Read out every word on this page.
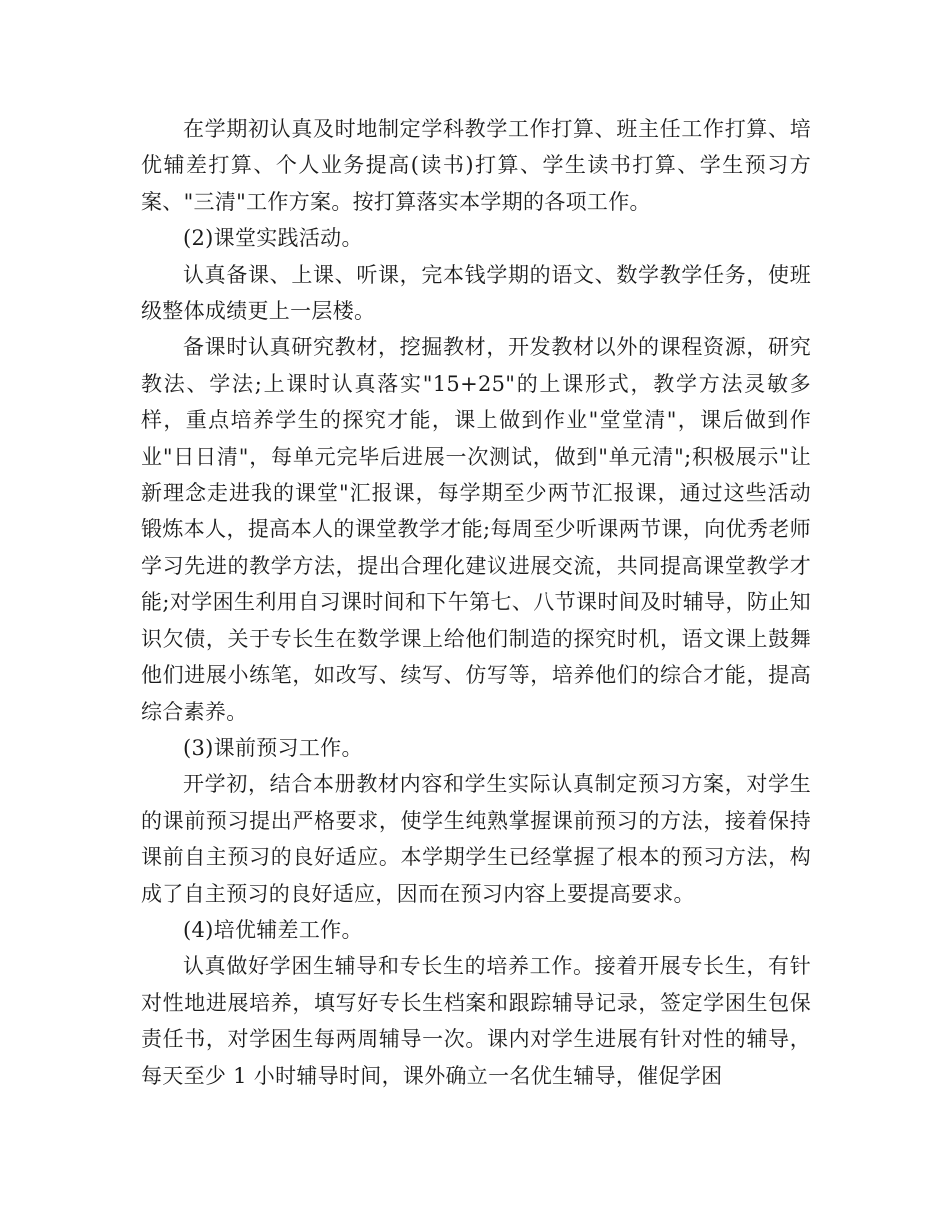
在学期初认真及时地制定学科教学工作打算、班主任工作打算、培优辅差打算、个人业务提高(读书)打算、学生读书打算、学生预习方案、"三清"工作方案。按打算落实本学期的各项工作。

(2)课堂实践活动。

认真备课、上课、听课，完本钱学期的语文、数学教学任务，使班级整体成绩更上一层楼。

备课时认真研究教材，挖掘教材，开发教材以外的课程资源，研究教法、学法;上课时认真落实"15+25"的上课形式，教学方法灵敏多样，重点培养学生的探究才能，课上做到作业"堂堂清"，课后做到作业"日日清"，每单元完毕后进展一次测试，做到"单元清";积极展示"让新理念走进我的课堂"汇报课，每学期至少两节汇报课，通过这些活动锻炼本人，提高本人的课堂教学才能;每周至少听课两节课，向优秀老师学习先进的教学方法，提出合理化建议进展交流，共同提高课堂教学才能;对学困生利用自习课时间和下午第七、八节课时间及时辅导，防止知识欠债，关于专长生在数学课上给他们制造的探究时机，语文课上鼓舞他们进展小练笔，如改写、续写、仿写等，培养他们的综合才能，提高综合素养。

(3)课前预习工作。

开学初，结合本册教材内容和学生实际认真制定预习方案，对学生的课前预习提出严格要求，使学生纯熟掌握课前预习的方法，接着保持课前自主预习的良好适应。本学期学生已经掌握了根本的预习方法，构成了自主预习的良好适应，因而在预习内容上要提高要求。

(4)培优辅差工作。

认真做好学困生辅导和专长生的培养工作。接着开展专长生，有针对性地进展培养，填写好专长生档案和跟踪辅导记录，签定学困生包保责任书，对学困生每两周辅导一次。课内对学生进展有针对性的辅导，每天至少 1 小时辅导时间，课外确立一名优生辅导，催促学困
